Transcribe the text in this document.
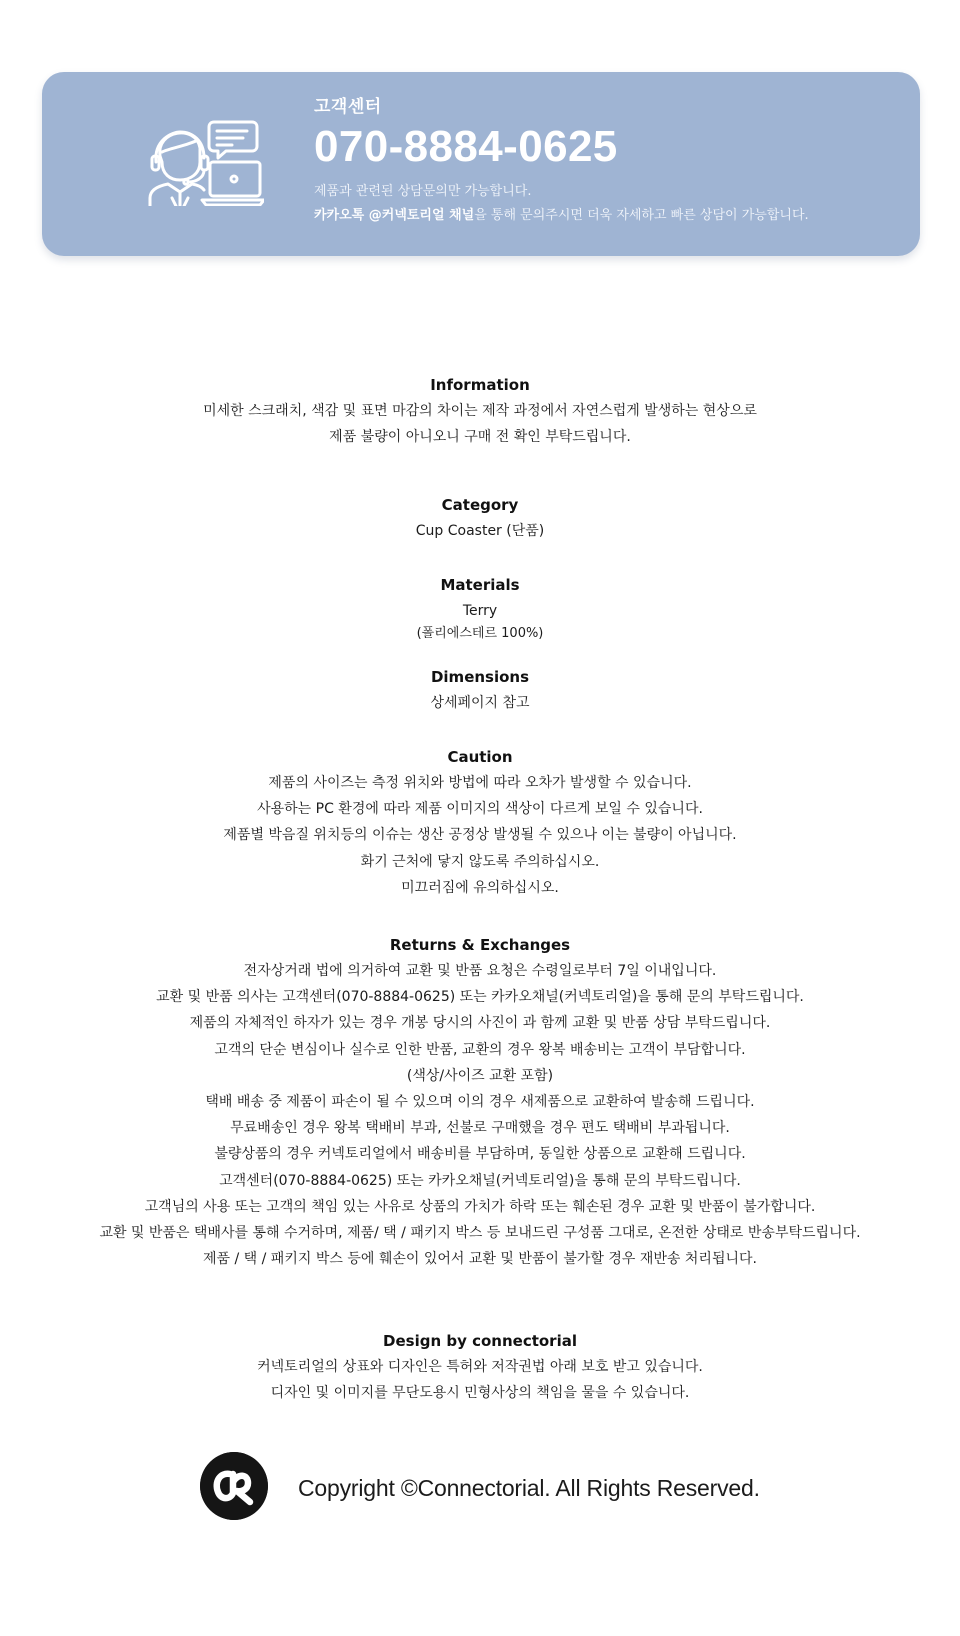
고객센터
070-8884-0625
제품과 관련된 상담문의만 가능합니다.
카카오톡 @커넥토리얼 채널을 통해 문의주시면 더욱 자세하고 빠른 상담이 가능합니다.
Information

미세한 스크래치, 색감 및 표면 마감의 차이는 제작 과정에서 자연스럽게 발생하는 현상으로

제품 불량이 아니오니 구매 전 확인 부탁드립니다.

Category

Cup Coaster (단품)

Materials

Terry

(폴리에스테르 100%)

Dimensions

상세페이지 참고

Caution

제품의 사이즈는 측정 위치와 방법에 따라 오차가 발생할 수 있습니다.

사용하는 PC 환경에 따라 제품 이미지의 색상이 다르게 보일 수 있습니다.

제품별 박음질 위치등의 이슈는 생산 공정상 발생될 수 있으나 이는 불량이 아닙니다.

화기 근처에 닿지 않도록 주의하십시오.

미끄러짐에 유의하십시오.

Returns & Exchanges

전자상거래 법에 의거하여 교환 및 반품 요청은 수령일로부터 7일 이내입니다.

교환 및 반품 의사는 고객센터(070-8884-0625) 또는 카카오채널(커넥토리얼)을 통해 문의 부탁드립니다.

제품의 자체적인 하자가 있는 경우 개봉 당시의 사진이 과 함께 교환 및 반품 상담 부탁드립니다.

고객의 단순 변심이나 실수로 인한 반품, 교환의 경우 왕복 배송비는 고객이 부담합니다.

(색상/사이즈 교환 포함)

택배 배송 중 제품이 파손이 될 수 있으며 이의 경우 새제품으로 교환하여 발송해 드립니다.

무료배송인 경우 왕복 택배비 부과, 선불로 구매했을 경우 편도 택배비 부과됩니다.

불량상품의 경우 커넥토리얼에서 배송비를 부담하며, 동일한 상품으로 교환해 드립니다.

고객센터(070-8884-0625) 또는 카카오채널(커넥토리얼)을 통해 문의 부탁드립니다.

고객님의 사용 또는 고객의 책임 있는 사유로 상품의 가치가 하락 또는 훼손된 경우 교환 및 반품이 불가합니다.

교환 및 반품은 택배사를 통해 수거하며, 제품/ 택 / 패키지 박스 등 보내드린 구성품 그대로, 온전한 상태로 반송부탁드립니다.

제품 / 택 / 패키지 박스 등에 훼손이 있어서 교환 및 반품이 불가할 경우 재반송 처리됩니다.

Design by connectorial

커넥토리얼의 상표와 디자인은 특허와 저작권법 아래 보호 받고 있습니다.

디자인 및 이미지를 무단도용시 민형사상의 책임을 물을 수 있습니다.

Copyright ©Connectorial. All Rights Reserved.
